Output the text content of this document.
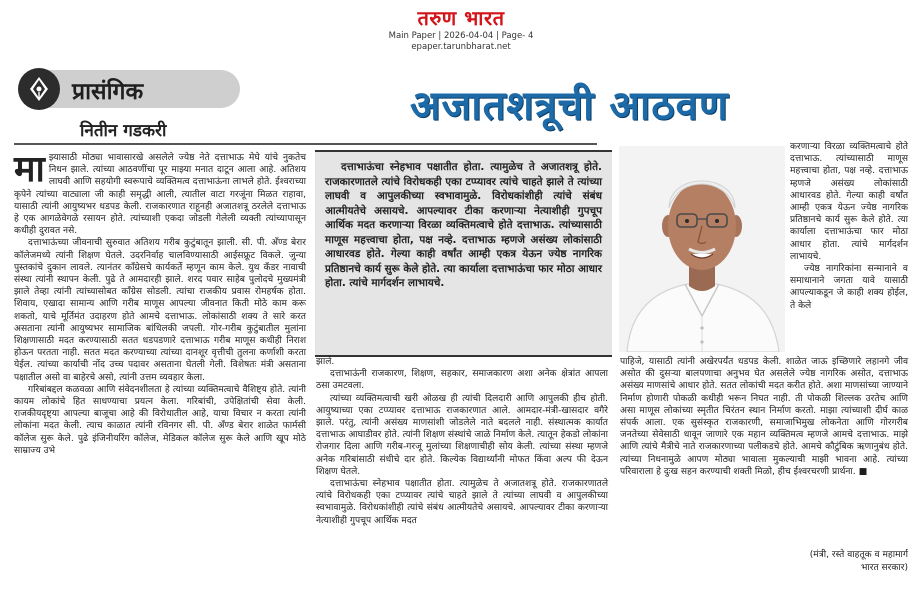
तरुण भारत
Main Paper | 2026-04-04 | Page- 4
epaper.tarunbharat.net
प्रासंगिक
नितीन गडकरी
अजातशत्रूची आठवण

माझ्यासाठी मोठ्या भावासारखे असलेले ज्येष्ठ नेते दत्ताभाऊ मेघे यांचे नुकतेच निधन झाले. त्यांच्या आठवणींचा पूर माझ्या मनात दाटून आला आहे. अतिशय लाघवी आणि सहयोगी स्वरूपाचे व्यक्तिमत्व दत्ताभाऊंना लाभले होते. ईश्वराच्या कृपेने त्यांच्या वाट्याला जी काही समृद्धी आली, त्यातील वाटा गरजूंना मिळत राहावा, यासाठी त्यांनी आयुष्यभर धडपड केली. राजकारणात राहूनही अजातशत्रू ठरलेले दत्ताभाऊ हे एक आगळेवेगळे रसायन होते. त्यांच्याशी एकदा जोडली गेलेली व्यक्ती त्यांच्यापासून कधीही दुरावत नसे.

दत्ताभाऊंच्या जीवनाची सुरुवात अतिशय गरीब कुटुंबातून झाली. सी. पी. अँण्ड बेरार कॉलेजमध्ये त्यांनी शिक्षण घेतले. उदरनिर्वाह चालविण्यासाठी आईसफ्रूट विकले. जुन्या पुस्तकांचे दुकान लावले. त्यानंतर काँग्रेसचे कार्यकर्ते म्हणून काम केले. युथ कँडर नावाची संस्था त्यांनी स्थापन केली. पुढे ते आमदारही झाले. शरद पवार साहेब पुलोदचे मुख्यमंत्री झाले तेव्हा त्यांनी त्यांच्यासोबत काँग्रेस सोडली. त्यांचा राजकीय प्रवास रोमहर्षक होता. शिवाय, एखादा सामान्य आणि गरीब माणूस आपल्या जीवनात किती मोठे काम करू शकतो, याचे मूर्तिमंत उदाहरण होते आमचे दत्ताभाऊ. लोकांसाठी शक्य ते सारे करत असताना त्यांनी आयुष्यभर सामाजिक बांधिलकी जपली. गोर-गरीब कुटुंबातील मुलांना शिक्षणासाठी मदत करण्यासाठी सतत धडपडणारे दत्ताभाऊ गरीब माणूस कधीही निराश होऊन परतता नाही. सतत मदत करण्याच्या त्यांच्या दानशूर वृत्तीची तुलना कर्णाशी करता येईल. त्यांच्या कार्याची नोंद उच्च पदावर असताना घेतली गेली. विशेषतः मंत्री असताना पक्षातील असो वा बाहेरचे असो, त्यांनी उत्तम व्यवहार केला.

गरिबांबद्दल कळवळा आणि संवेदनशीलता हे त्यांच्या व्यक्तिमत्वाचे वैशिष्ट्य होते. त्यांनी कायम लोकांचे हित साधण्याचा प्रयत्न केला. गरिबांची, उपेक्षितांची सेवा केली. राजकीयदृष्ट्या आपल्या बाजूचा आहे की विरोधातील आहे, याचा विचार न करता त्यांनी लोकांना मदत केली. त्याच काळात त्यांनी रविनगर सी. पी. अँण्ड बेरार शाळेत फार्मसी कॉलेज सुरू केले. पुढे इंजिनीयरिंग कॉलेज, मेडिकल कॉलेज सुरू केले आणि खूप मोठे साम्राज्य उभे

दत्ताभाऊंचा स्नेहभाव पक्षातीत होता. त्यामुळेच ते अजातशत्रू होते. राजकारणातले त्यांचे विरोधकही एका टप्प्यावर त्यांचे चाहते झाले ते त्यांच्या लाघवी व आपुलकीच्या स्वभावामुळे. विरोधकांशीही त्यांचे संबंध आत्मीयतेचे असायचे. आपल्यावर टीका करणाऱ्या नेत्याशीही गुपचूप आर्थिक मदत करणाऱ्या विरळा व्यक्तिमत्वाचे होते दत्ताभाऊ. त्यांच्यासाठी माणूस महत्त्वाचा होता, पक्ष नव्हे. दत्ताभाऊ म्हणजे असंख्य लोकांसाठी आधारवड होते. गेल्या काही वर्षांत आम्ही एकत्र येऊन ज्येष्ठ नागरिक प्रतिष्ठानचे कार्य सुरू केले होते. त्या कार्याला दत्ताभाऊंचा फार मोठा आधार होता. त्यांचे मार्गदर्शन लाभायचे.

झाले.

दत्ताभाऊंनी राजकारण, शिक्षण, सहकार, समाजकारण अशा अनेक क्षेत्रांत आपला ठसा उमटवला.

त्यांच्या व्यक्तिमत्वाची खरी ओळख ही त्यांची दिलदारी आणि आपुलकी हीच होती. आयुष्याच्या एका टप्प्यावर दत्ताभाऊ राजकारणात आले. आमदार-मंत्री-खासदार वगैरे झाले. परंतु, त्यांनी असंख्य माणसांशी जोडलेले नाते बदलले नाही. संस्थात्मक कार्यात दत्ताभाऊ आघाडीवर होते. त्यांनी शिक्षण संस्थांचे जाळे निर्माण केले. त्यातून हेकडो लोकांना रोजगार दिला आणि गरीब-गरजू मुलांच्या शिक्षणाचीही सोय केली. त्यांच्या संस्था म्हणजे अनेक गरिबांसाठी संधीचे दार होते. किल्येक विद्यार्थ्यांनी मोफत किंवा अल्प फी देऊन शिक्षण घेतले.

दत्ताभाऊंचा स्नेहभाव पक्षातीत होता. त्यामुळेच ते अजातशत्रू होते. राजकारणातले त्यांचे विरोधकही एका टप्प्यावर त्यांचे चाहते झाले ते त्यांच्या लाघवी व आपुलकीच्या स्वभावामुळे. विरोधकांशीही त्यांचे संबंध आत्मीयतेचे असायचे. आपल्यावर टीका करणाऱ्या नेत्याशीही गुपचूप आर्थिक मदत

करणाऱ्या विरळा व्यक्तिमत्वाचे होते दत्ताभाऊ. त्यांच्यासाठी माणूस महत्त्वाचा होता, पक्ष नव्हे. दत्ताभाऊ म्हणजे असंख्य लोकांसाठी आधारवड होते. गेल्या काही वर्षांत आम्ही एकत्र येऊन ज्येष्ठ नागरिक प्रतिष्ठानचे कार्य सुरू केले होते. त्या कार्याला दत्ताभाऊंचा फार मोठा आधार होता. त्यांचे मार्गदर्शन लाभायचे.

ज्येष्ठ नागरिकांना सन्मानाने व समाधानाने जगता यावे यासाठी आपल्याकडून जे काही शक्य होईल, ते केले

पाहिजे, यासाठी त्यांनी अखेरपर्यंत धडपड केली. शाळेत जाऊ इच्छिणारे लहानगे जीव असोत की दुसऱ्या बालपणाचा अनुभव घेत असलेले ज्येष्ठ नागरिक असोत, दत्ताभाऊ असंख्य माणसांचे आधार होते. सतत लोकांची मदत करीत होते. अशा माणसांच्या जाण्याने निर्माण होणारी पोकळी कधीही भरून निघत नाही. ती पोकळी शिल्लक उरतेच आणि असा माणूस लोकांच्या स्मृतीत चिरंतन स्थान निर्माण करतो. माझा त्यांच्याशी दीर्घ काळ संपर्क आला. एक सुसंस्कृत राजकारणी, समाजाभिमुख लोकनेता आणि गोरगरीब जनतेच्या सेवेसाठी धावून जाणारे एक महान व्यक्तिमत्व म्हणजे आमचे दत्ताभाऊ. माझे आणि त्यांचे मैत्रीचे नाते राजकारणाच्या पलीकडचे होते. आमचे कौटुंबिक ऋणानुबंध होते. त्यांच्या निधनामुळे आपण मोठ्या भावाला मुकल्याची माझी भावना आहे. त्यांच्या परिवाराला हे दुःख सहन करण्याची शक्ती मिळो, हीच ईश्वरचरणी प्रार्थना. ■

(मंत्री, रस्ते वाहतूक व महामार्ग
भारत सरकार)
